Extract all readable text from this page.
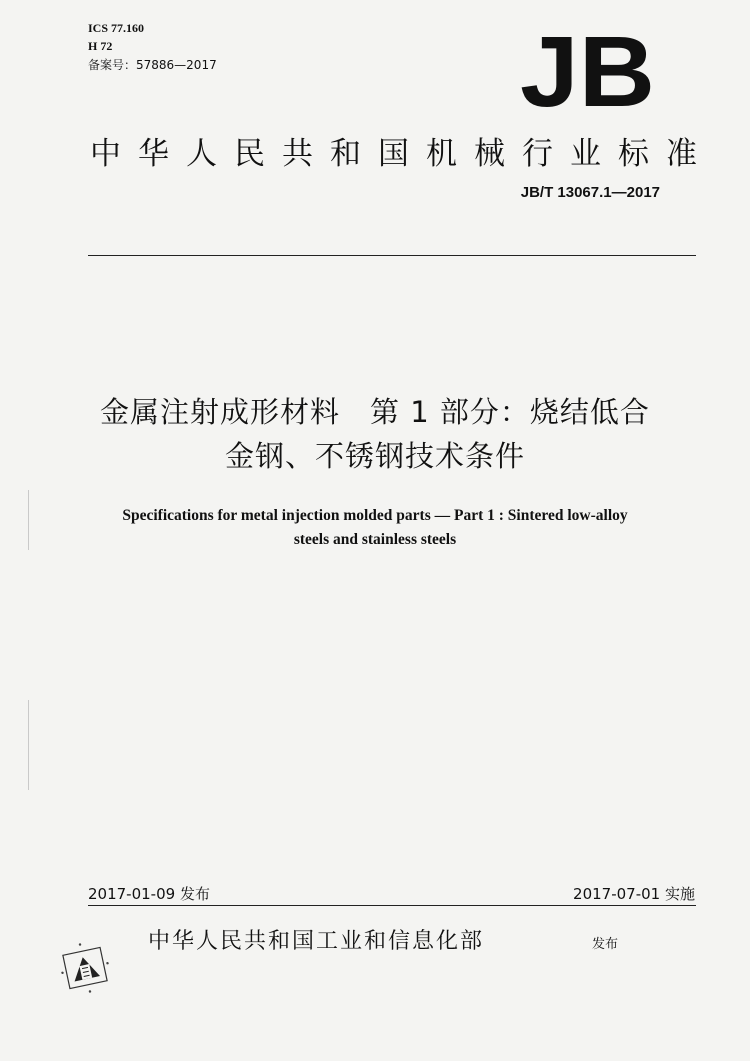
ICS 77.160
H 72
备案号：57886—2017	JB
中华人民共和国机械行业标准
JB/T 13067.1—2017
金属注射成形材料　第 1 部分：烧结低合
金钢、不锈钢技术条件
Specifications for metal injection molded parts — Part 1 : Sintered low-alloy
steels and stainless steels
2017-01-09 发布	2017-07-01 实施
中华人民共和国工业和信息化部	发布
